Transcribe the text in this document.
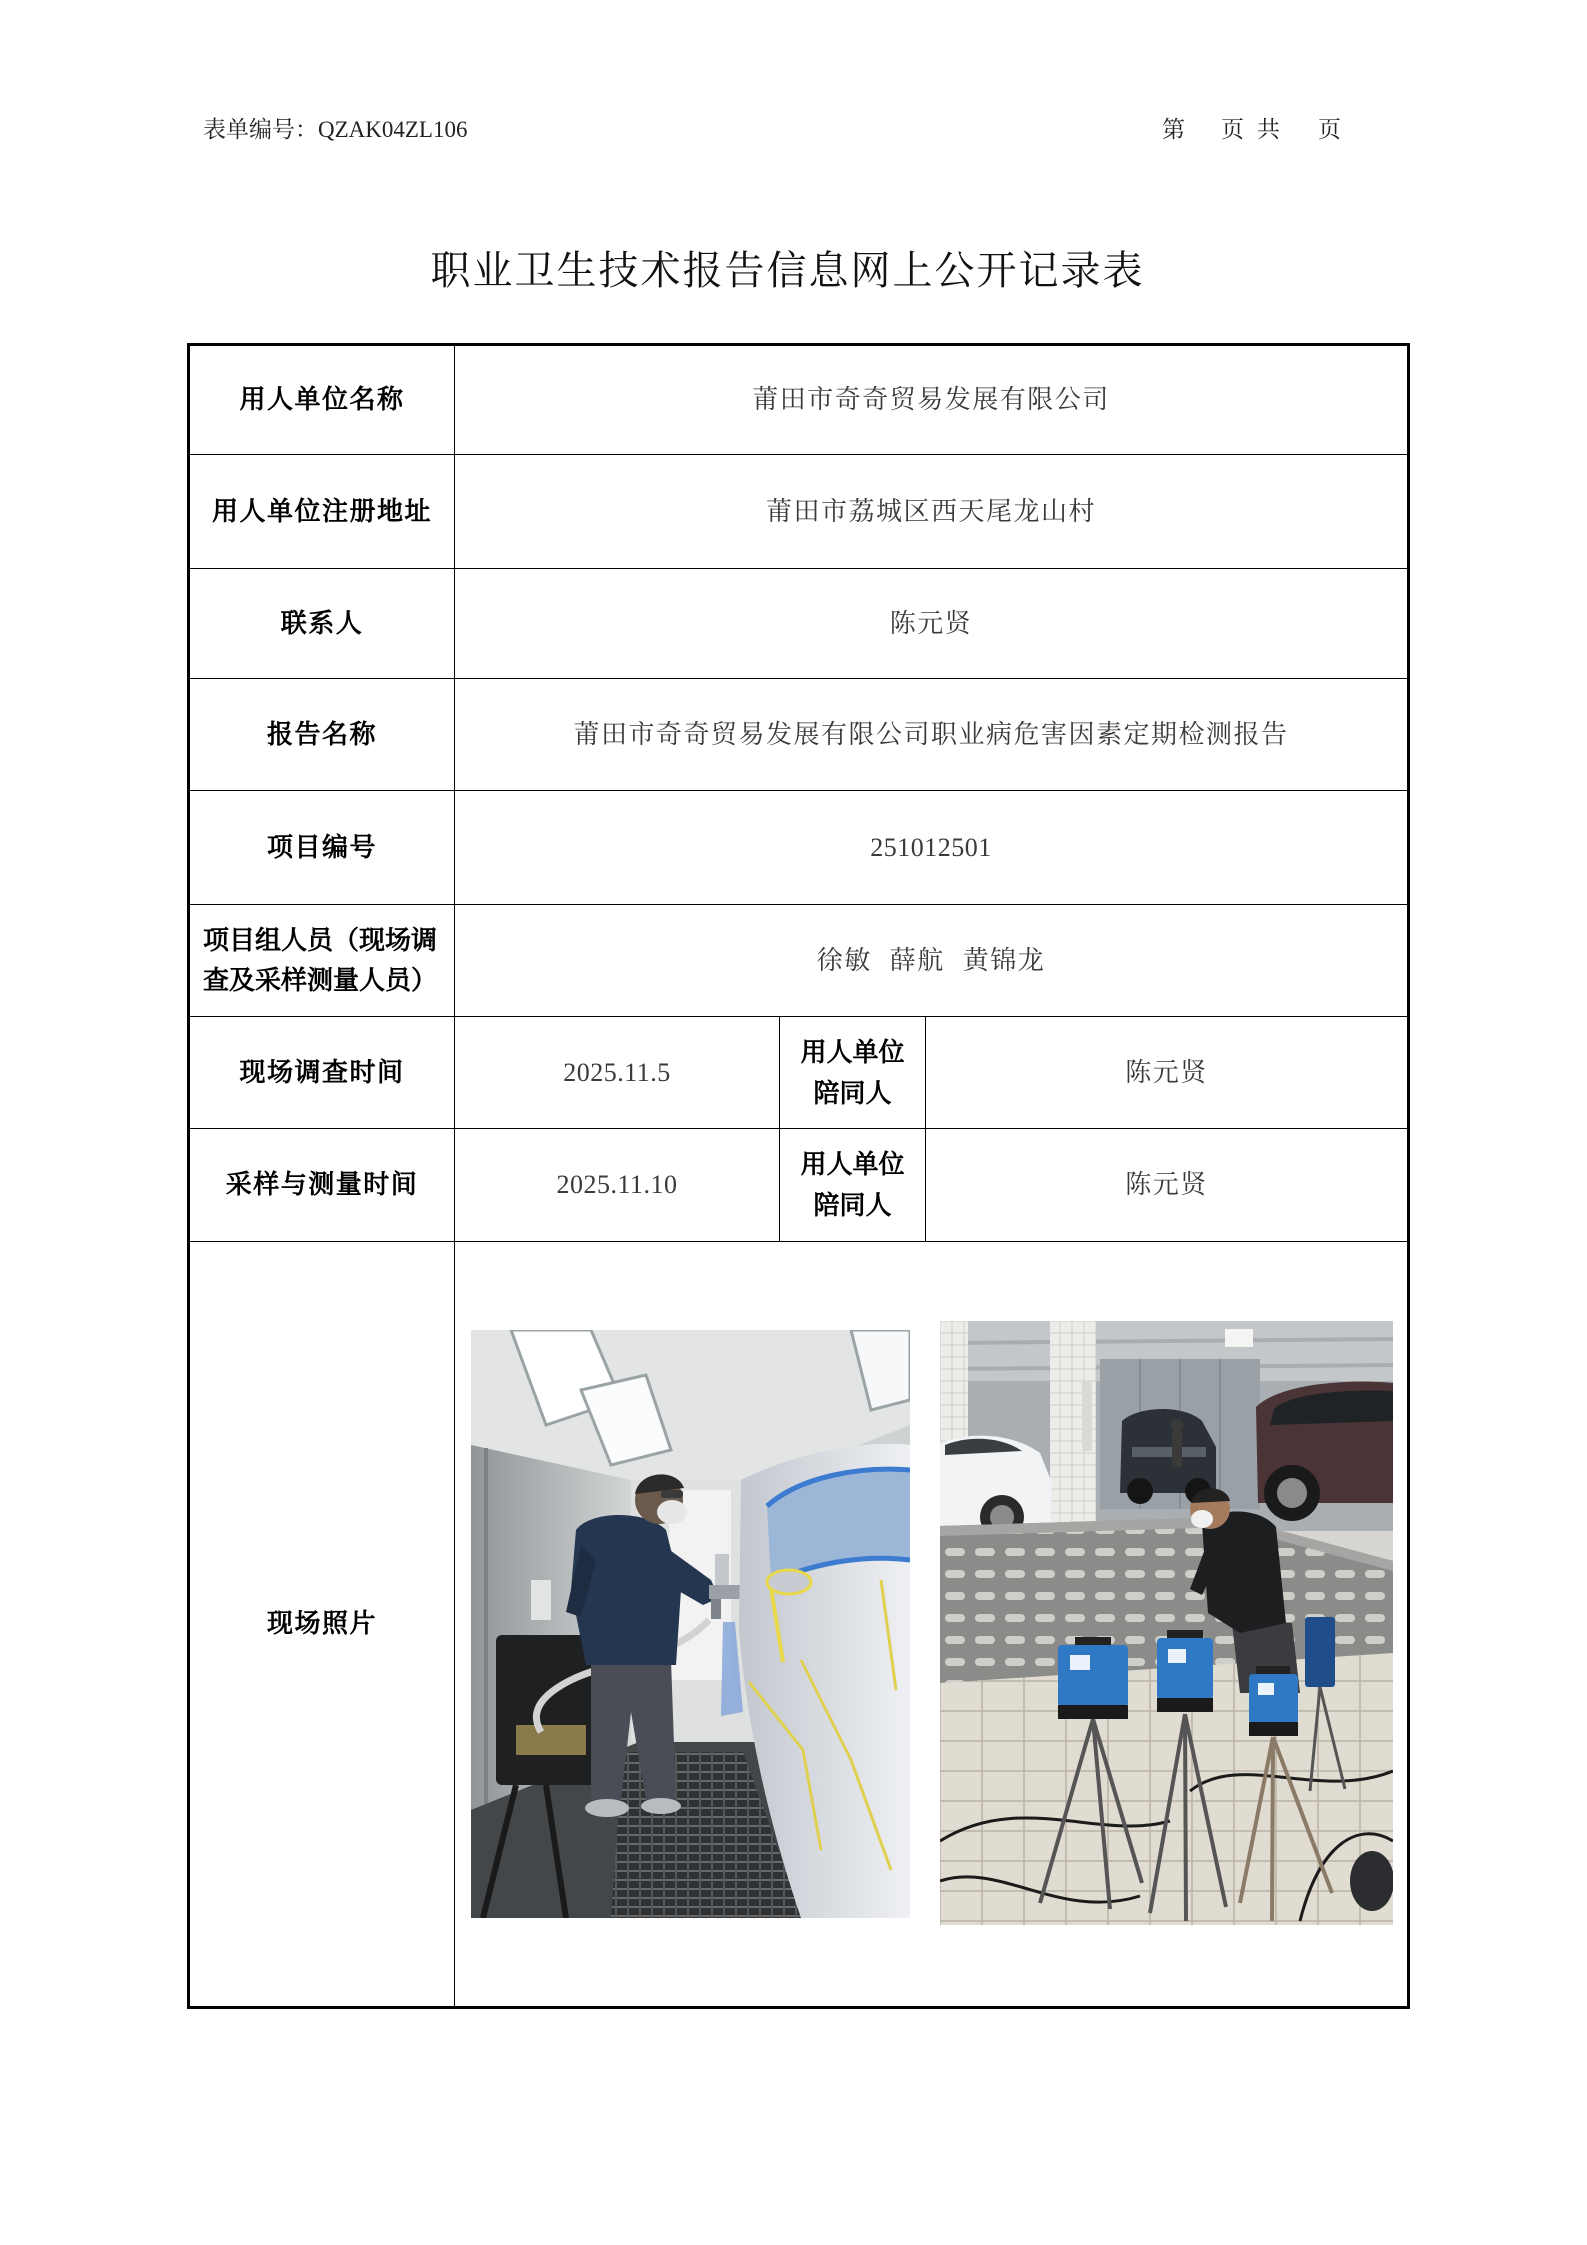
表单编号：QZAK04ZL106	第 页 共 页
职业卫生技术报告信息网上公开记录表
用人单位名称	莆田市奇奇贸易发展有限公司		
用人单位注册地址	莆田市荔城区西天尾龙山村		
联系人	陈元贤		
报告名称	莆田市奇奇贸易发展有限公司职业病危害因素定期检测报告		
项目编号	251012501		
项目组人员（现场调查及采样测量人员）	徐敏 薛航 黄锦龙		
现场调查时间	2025.11.5	用人单位陪同人	陈元贤
采样与测量时间	2025.11.10	用人单位陪同人	陈元贤
现场照片	
